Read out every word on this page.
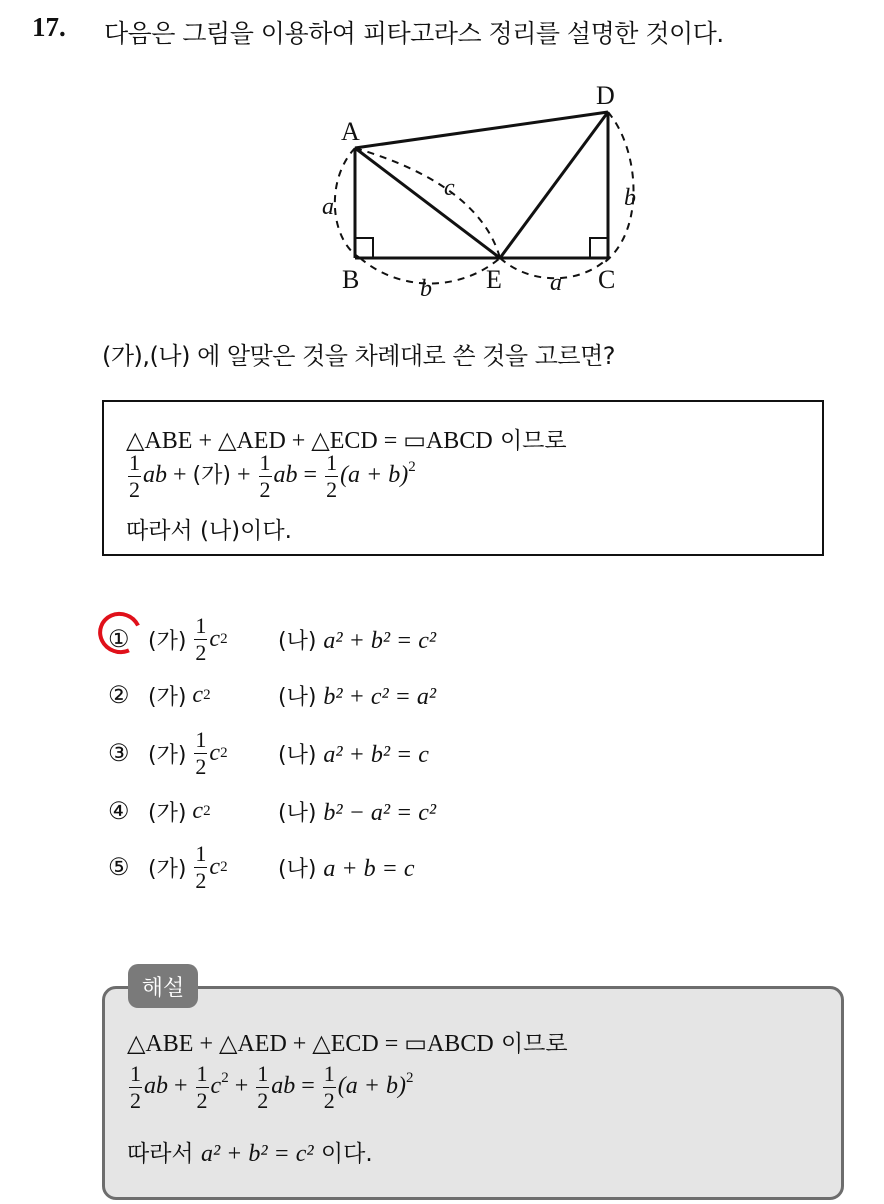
17. 다음은 그림을 이용하여 피타고라스 정리를 설명한 것이다.
A
B	C
D
E
a
c	b
b	a
(가),(나) 에 알맞은 것을 차례대로 쓴 것을 고르면?
△ABE + △AED + △ECD = ▭ABCD 이므로
$\frac{1}{2}$ ab + (가) + $\frac{1}{2}$ ab = $\frac{1}{2} (a + b)^2$
따라서 (나)이다.
① (가) $\frac{1}{2}$ c 2 (나) a² + b² = c²
② (가) c 2	(나) b² + c² = a²
③ (가) $\frac{1}{2}$ c 2 (나) a² + b² = c
④ (가) c 2	(나) b² − a² = c²
⑤ (가) $\frac{1}{2}$ c 2 (나) a + b = c
△ABE + △AED + △ECD = ▭ABCD 이므로
$\frac{1}{2}$ ab + $\frac{1}{2} c^2 + \frac{1}{2}$ ab = $\frac{1}{2} (a + b)^2$
따라서 a² + b² = c² 이다.
해설
